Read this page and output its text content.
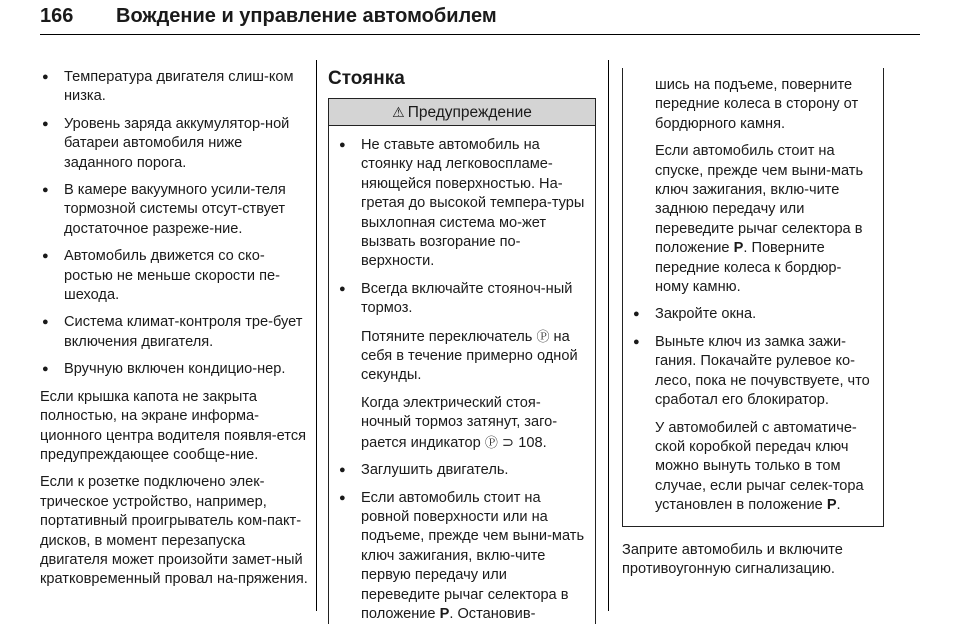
166 Вождение и управление автомобилем
● Температура двигателя слиш-ком низка.
● Уровень заряда аккумулятор-ной батареи автомобиля ниже заданного порога.
● В камере вакуумного усили-теля тормозной системы отсут-ствует достаточное разреже-ние.
● Автомобиль движется со ско-ростью не меньше скорости пе-шехода.
● Система климат-контроля тре-бует включения двигателя.
● Вручную включен кондицио-нер.

Если крышка капота не закрыта полностью, на экране информа-ционного центра водителя появля-ется предупреждающее сообще-ние.

Если к розетке подключено элек-трическое устройство, например, портативный проигрыватель ком-пакт-дисков, в момент перезапуска двигателя может произойти замет-ный кратковременный провал на-пряжения.

Стоянка
⚠ Предупреждение
● Не ставьте автомобиль на стоянку над легковоспламе-няющейся поверхностью. На-гретая до высокой темпера-туры выхлопная система мо-жет вызвать возгорание по-верхности.
● Всегда включайте стояноч-ный тормоз.
Потяните переключатель Ⓟ на себя в течение примерно одной секунды.
Когда электрический стоя-ночный тормоз затянут, заго-рается индикатор Ⓟ ⊃ 108.
● Заглушить двигатель.
● Если автомобиль стоит на ровной поверхности или на подъеме, прежде чем выни-мать ключ зажигания, вклю-чите первую передачу или переведите рычаг селектора в положение P. Остановив-
шись на подъеме, поверните передние колеса в сторону от бордюрного камня.
Если автомобиль стоит на спуске, прежде чем выни-мать ключ зажигания, вклю-чите заднюю передачу или переведите рычаг селектора в положение P. Поверните передние колеса к бордюр-ному камню.
● Закройте окна.
● Выньте ключ из замка зажи-гания. Покачайте рулевое ко-лесо, пока не почувствуете, что сработал его блокиратор.
У автомобилей с автоматиче-ской коробкой передач ключ можно вынуть только в том случае, если рычаг селек-тора установлен в положение P.

Заприте автомобиль и включите противоугонную сигнализацию.
